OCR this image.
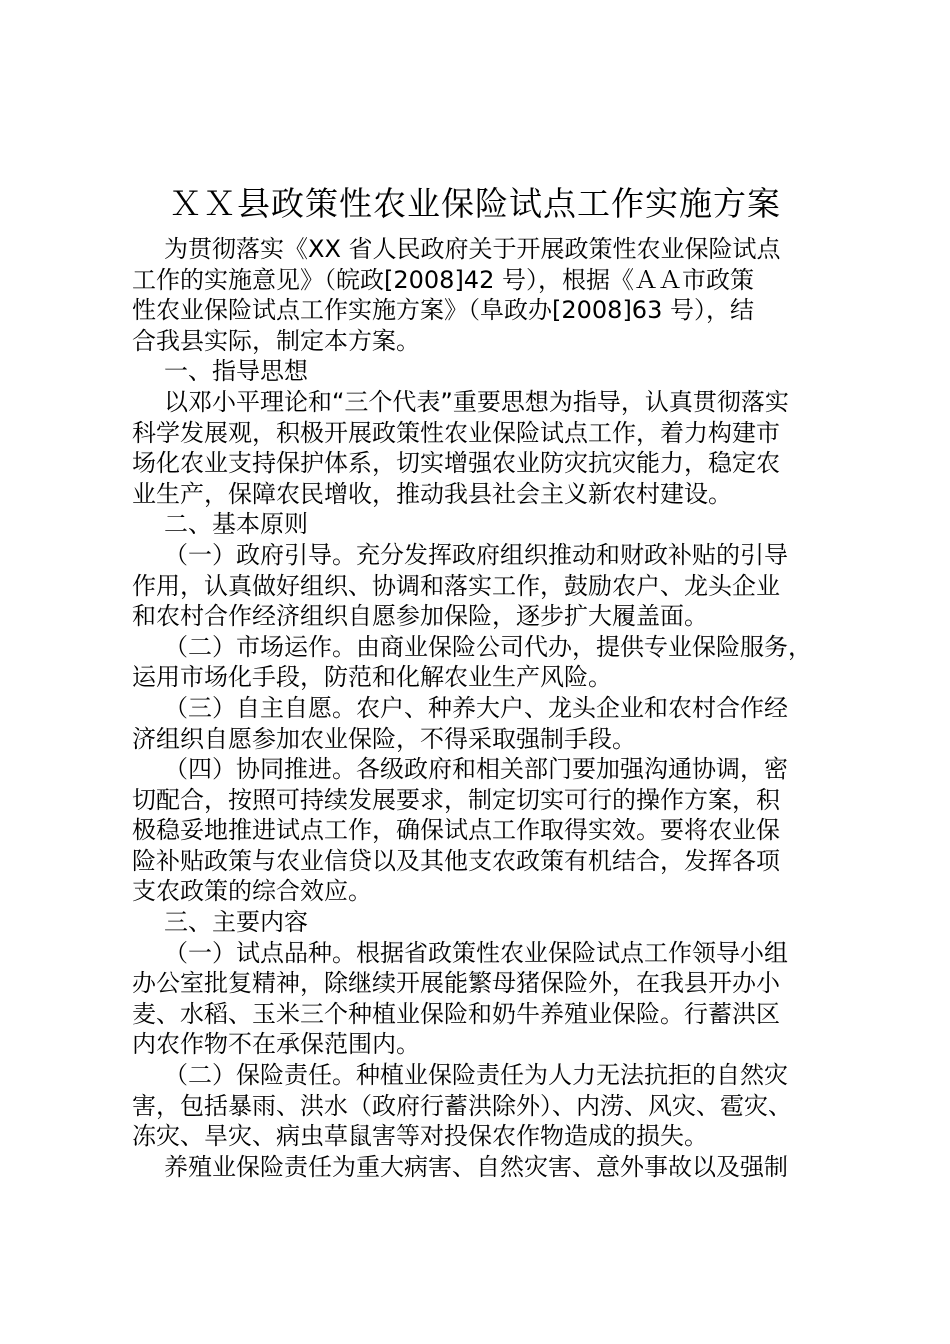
ＸＸ县政策性农业保险试点工作实施方案

为贯彻落实《XX 省人民政府关于开展政策性农业保险试点

工作的实施意见》（皖政[2008]42 号），根据《ＡＡ市政策

性农业保险试点工作实施方案》（阜政办[2008]63 号），结

合我县实际，制定本方案。

一、指导思想

以邓小平理论和“三个代表”重要思想为指导，认真贯彻落实

科学发展观，积极开展政策性农业保险试点工作，着力构建市

场化农业支持保护体系，切实增强农业防灾抗灾能力，稳定农

业生产，保障农民增收，推动我县社会主义新农村建设。

二、基本原则

（一）政府引导。充分发挥政府组织推动和财政补贴的引导

作用，认真做好组织、协调和落实工作，鼓励农户、龙头企业

和农村合作经济组织自愿参加保险，逐步扩大履盖面。

（二）市场运作。由商业保险公司代办，提供专业保险服务，

运用市场化手段，防范和化解农业生产风险。

（三）自主自愿。农户、种养大户、龙头企业和农村合作经

济组织自愿参加农业保险，不得采取强制手段。

（四）协同推进。各级政府和相关部门要加强沟通协调，密

切配合，按照可持续发展要求，制定切实可行的操作方案，积

极稳妥地推进试点工作，确保试点工作取得实效。要将农业保

险补贴政策与农业信贷以及其他支农政策有机结合，发挥各项

支农政策的综合效应。

三、主要内容

（一）试点品种。根据省政策性农业保险试点工作领导小组

办公室批复精神，除继续开展能繁母猪保险外，在我县开办小

麦、水稻、玉米三个种植业保险和奶牛养殖业保险。行蓄洪区

内农作物不在承保范围内。

（二）保险责任。种植业保险责任为人力无法抗拒的自然灾

害，包括暴雨、洪水（政府行蓄洪除外）、内涝、风灾、雹灾、

冻灾、旱灾、病虫草鼠害等对投保农作物造成的损失。

养殖业保险责任为重大病害、自然灾害、意外事故以及强制
